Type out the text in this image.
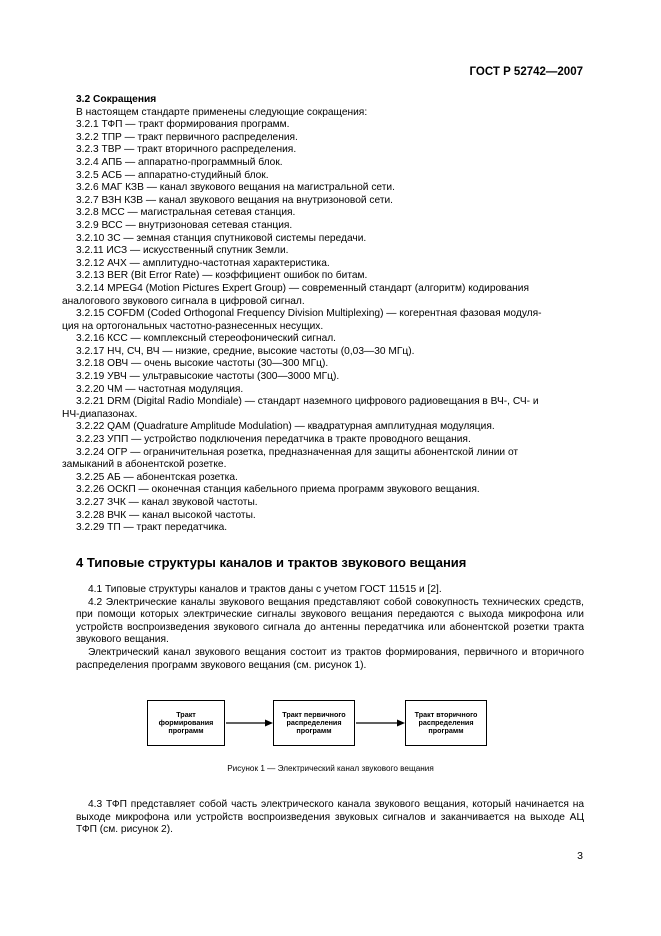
ГОСТ Р 52742—2007

3.2 Сокращения

В настоящем стандарте применены следующие сокращения:

3.2.1 ТФП — тракт формирования программ.

3.2.2 ТПР — тракт первичного распределения.

3.2.3 ТВР — тракт вторичного распределения.

3.2.4 АПБ — аппаратно-программный блок.

3.2.5 АСБ — аппаратно-студийный блок.

3.2.6 МАГ КЗВ — канал звукового вещания на магистральной сети.

3.2.7 ВЗН КЗВ — канал звукового вещания на внутризоновой сети.

3.2.8 МСС — магистральная сетевая станция.

3.2.9 ВСС — внутризоновая сетевая станция.

3.2.10 ЗС — земная станция спутниковой системы передачи.

3.2.11 ИСЗ — искусственный спутник Земли.

3.2.12 АЧХ — амплитудно-частотная характеристика.

3.2.13 BER (Bit Error Rate) — коэффициент ошибок по битам.

3.2.14 MPEG4 (Motion Pictures Expert Group) — современный стандарт (алгоритм) кодирования

аналогового звукового сигнала в цифровой сигнал.

3.2.15 COFDM (Coded Orthogonal Frequency Division Multiplexing) — когерентная фазовая модуля-

ция на ортогональных частотно-разнесенных несущих.

3.2.16 КСС — комплексный стереофонический сигнал.

3.2.17 НЧ, СЧ, ВЧ — низкие, средние, высокие частоты (0,03—30 МГц).

3.2.18 ОВЧ — очень высокие частоты (30—300 МГц).

3.2.19 УВЧ — ультравысокие частоты (300—3000 МГц).

3.2.20 ЧМ — частотная модуляция.

3.2.21 DRM (Digital Radio Mondiale) — стандарт наземного цифрового радиовещания в ВЧ-, СЧ- и

НЧ-диапазонах.

3.2.22 QAM (Quadrature Amplitude Modulation) — квадратурная амплитудная модуляция.

3.2.23 УПП — устройство подключения передатчика в тракте проводного вещания.

3.2.24 ОГР — ограничительная розетка, предназначенная для защиты абонентской линии от

замыканий в абонентской розетке.

3.2.25 АБ — абонентская розетка.

3.2.26 ОСКП — оконечная станция кабельного приема программ звукового вещания.

3.2.27 ЗЧК — канал звуковой частоты.

3.2.28 ВЧК — канал высокой частоты.

3.2.29 ТП — тракт передатчика.

4 Типовые структуры каналов и трактов звукового вещания

4.1 Типовые структуры каналов и трактов даны с учетом ГОСТ 11515 и [2].

4.2 Электрические каналы звукового вещания представляют собой совокупность технических средств, при помощи которых электрические сигналы звукового вещания передаются с выхода микрофона или устройств воспроизведения звукового сигнала до антенны передатчика или абонентской розетки тракта звукового вещания.

Электрический канал звукового вещания состоит из трактов формирования, первичного и вторичного распределения программ звукового вещания (см. рисунок 1).

Тракт формирования программ
Тракт первичного распределения программ
Тракт вторичного распределения программ
Рисунок 1 — Электрический канал звукового вещания

4.3 ТФП представляет собой часть электрического канала звукового вещания, который начинается на выходе микрофона или устройств воспроизведения звуковых сигналов и заканчивается на выходе АЦ ТФП (см. рисунок 2).

3
